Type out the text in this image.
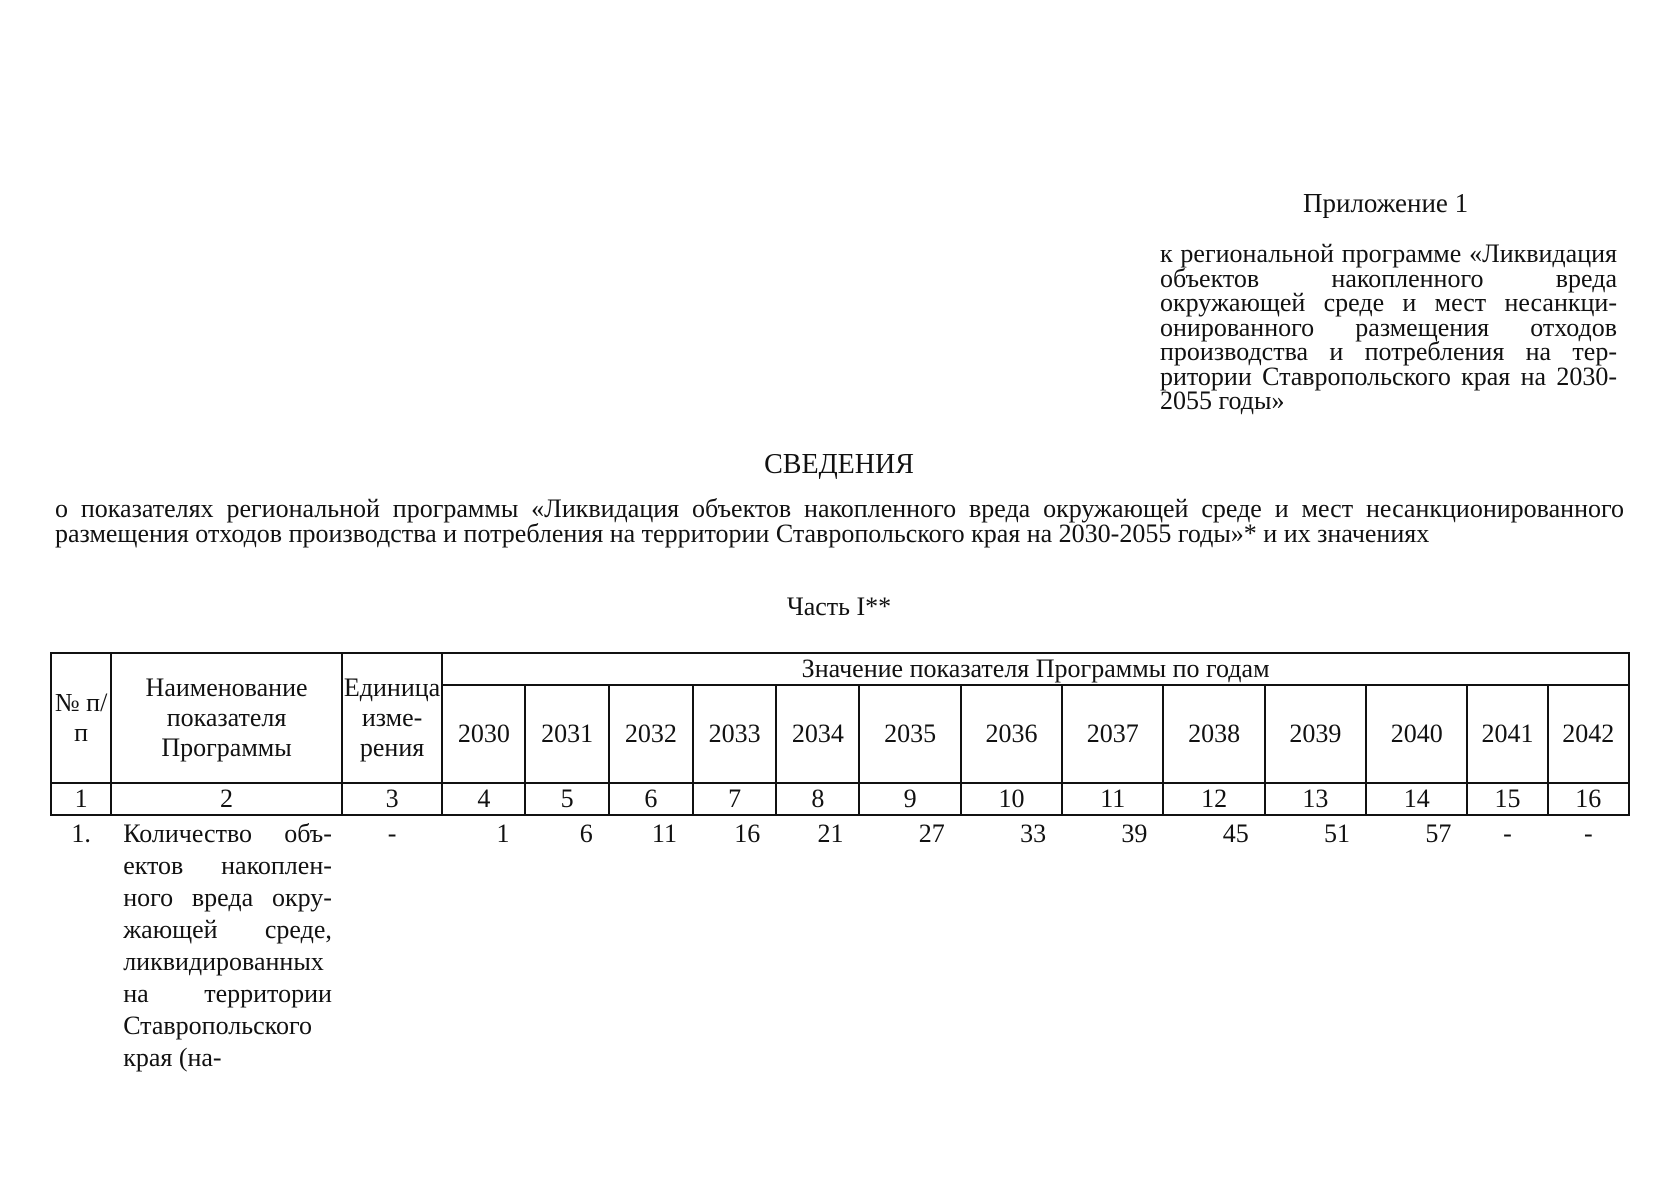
Приложение 1
к региональной программе «Ликвидация объектов накопленного вреда окружающей среде и мест несанкционированного размещения отходов производства и потребления на территории Ставропольского края на 2030-2055 годы»
СВЕДЕНИЯ
о показателях региональной программы «Ликвидация объектов накопленного вреда окружающей среде и мест несанкционированного размещения отходов производства и потребления на территории Ставропольского края на 2030-2055 годы»* и их значениях
Часть I**
№ п/п	Наименование показателя Программы	Единица измерения	Значение показателя Программы по годам												
			2030	2031	2032	2033	2034	2035	2036	2037	2038	2039	2040	2041	2042
1	2	3	4	5	6	7	8	9	10	11	12	13	14	15	16
1.	Количество объектов накопленного вреда окружающей среде, ликвидированных на территории Ставропольского края (на-	-	1	6	11	16	21	27	33	39	45	51	57	-	-
